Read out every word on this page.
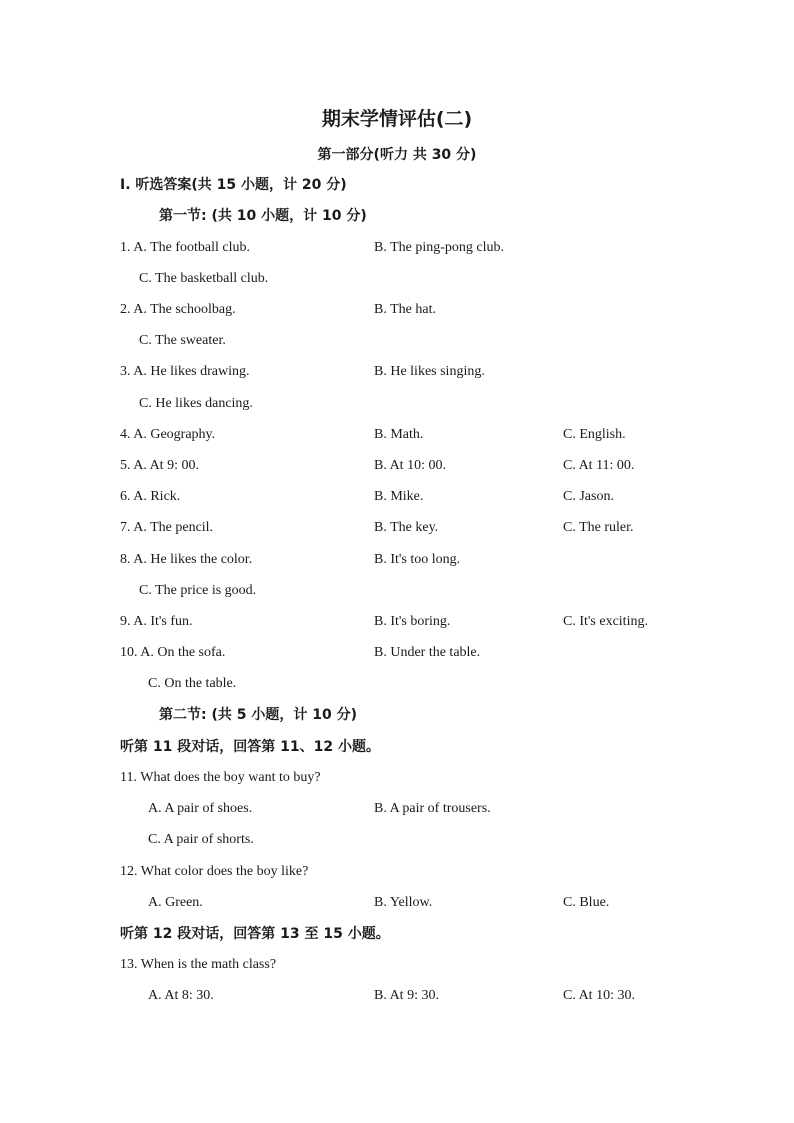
期末学情评估(二)
第一部分(听力 共 30 分)
Ⅰ. 听选答案(共 15 小题，计 20 分)
第一节: (共 10 小题，计 10 分)
1. A. The football club.	B. The ping-pong club.
C. The basketball club.
2. A. The schoolbag.	B. The hat.
C. The sweater.
3. A. He likes drawing.	B. He likes singing.
C. He likes dancing.
4. A. Geography.	B. Math.	C. English.
5. A. At 9: 00.	B. At 10: 00.	C. At 11: 00.
6. A. Rick.	B. Mike.	C. Jason.
7. A. The pencil.	B. The key.	C. The ruler.
8. A. He likes the color.	B. It's too long.
C. The price is good.
9. A. It's fun.	B. It's boring.	C. It's exciting.
10. A. On the sofa.	B. Under the table.
C. On the table.
第二节: (共 5 小题，计 10 分)
听第 11 段对话，回答第 11、12 小题。
11. What does the boy want to buy?
A. A pair of shoes.	B. A pair of trousers.
C. A pair of shorts.
12. What color does the boy like?
A. Green.	B. Yellow.	C. Blue.
听第 12 段对话，回答第 13 至 15 小题。
13. When is the math class?
A. At 8: 30.	B. At 9: 30.	C. At 10: 30.
